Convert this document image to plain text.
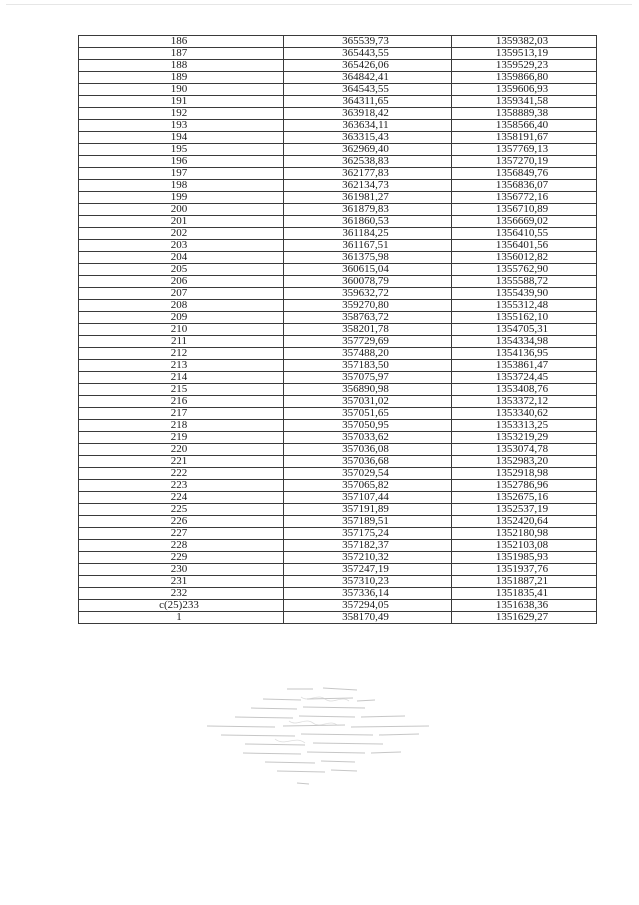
186	365539,73	1359382,03
187	365443,55	1359513,19
188	365426,06	1359529,23
189	364842,41	1359866,80
190	364543,55	1359606,93
191	364311,65	1359341,58
192	363918,42	1358889,38
193	363634,11	1358566,40
194	363315,43	1358191,67
195	362969,40	1357769,13
196	362538,83	1357270,19
197	362177,83	1356849,76
198	362134,73	1356836,07
199	361981,27	1356772,16
200	361879,83	1356710,89
201	361860,53	1356669,02
202	361184,25	1356410,55
203	361167,51	1356401,56
204	361375,98	1356012,82
205	360615,04	1355762,90
206	360078,79	1355588,72
207	359632,72	1355439,90
208	359270,80	1355312,48
209	358763,72	1355162,10
210	358201,78	1354705,31
211	357729,69	1354334,98
212	357488,20	1354136,95
213	357183,50	1353861,47
214	357075,97	1353724,45
215	356890,98	1353408,76
216	357031,02	1353372,12
217	357051,65	1353340,62
218	357050,95	1353313,25
219	357033,62	1353219,29
220	357036,08	1353074,78
221	357036,68	1352983,20
222	357029,54	1352918,98
223	357065,82	1352786,96
224	357107,44	1352675,16
225	357191,89	1352537,19
226	357189,51	1352420,64
227	357175,24	1352180,98
228	357182,37	1352103,08
229	357210,32	1351985,93
230	357247,19	1351937,76
231	357310,23	1351887,21
232	357336,14	1351835,41
c(25)233	357294,05	1351638,36
1	358170,49	1351629,27
